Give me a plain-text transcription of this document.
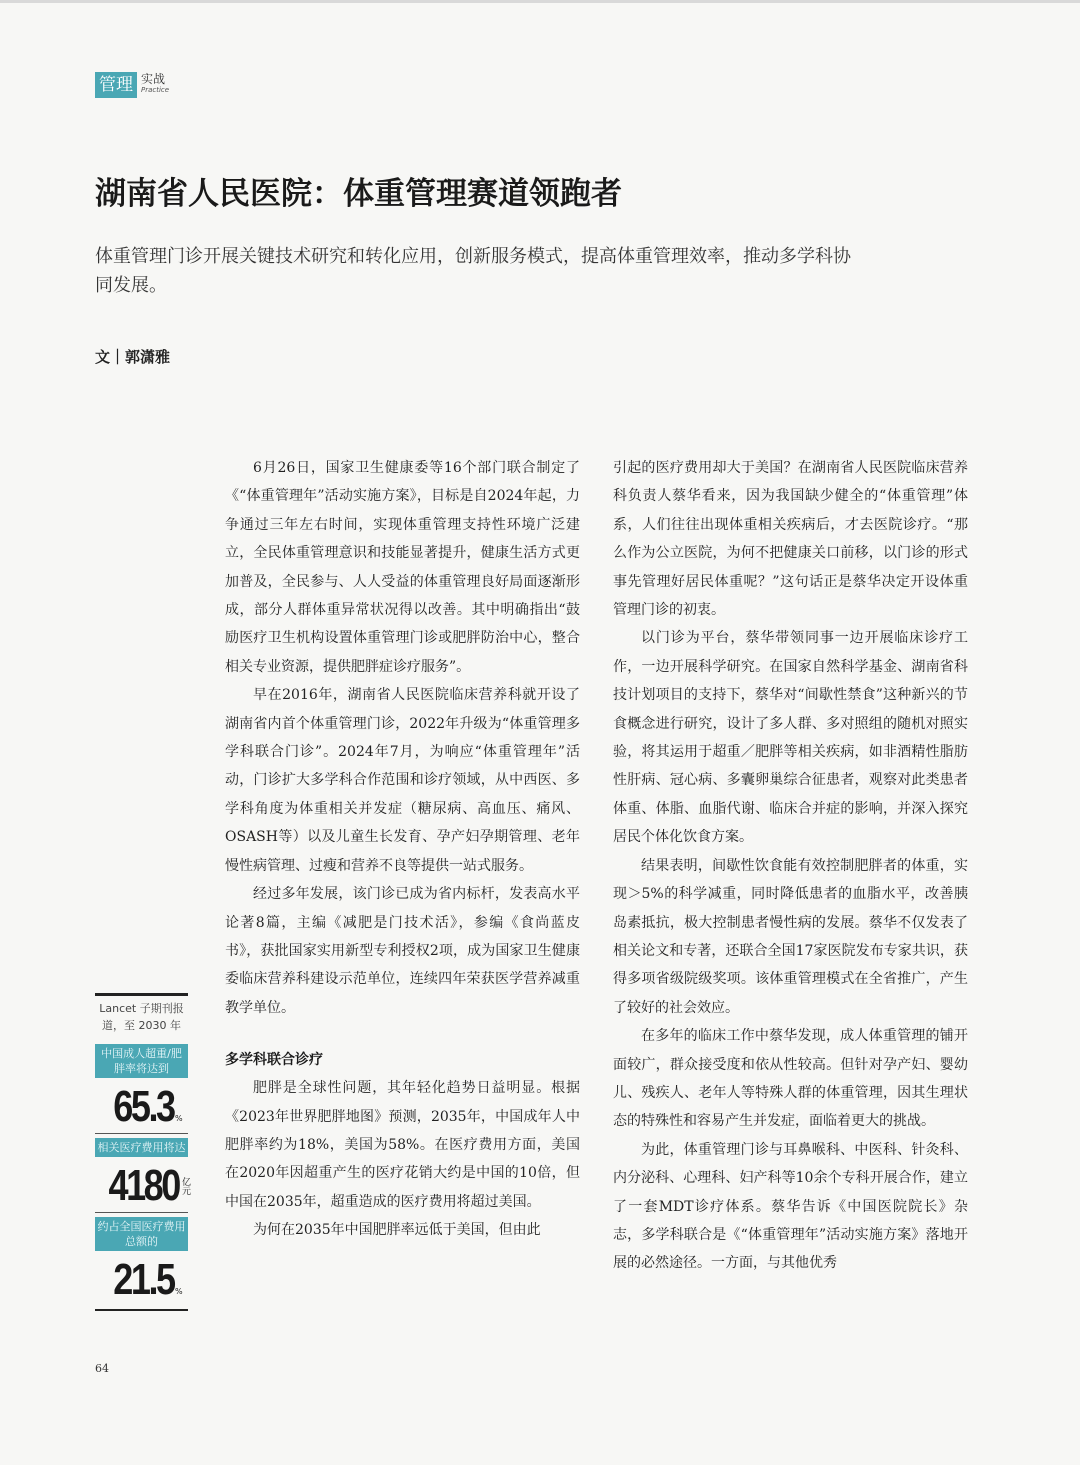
管理 实战
Practice
湖南省人民医院：体重管理赛道领跑者

体重管理门诊开展关键技术研究和转化应用，创新服务模式，提高体重管理效率，推动多学科协同发展。

文｜郭潇雅

6月26日，国家卫生健康委等16个部门联合制定了《“体重管理年”活动实施方案》，目标是自2024年起，力争通过三年左右时间，实现体重管理支持性环境广泛建立，全民体重管理意识和技能显著提升，健康生活方式更加普及，全民参与、人人受益的体重管理良好局面逐渐形成，部分人群体重异常状况得以改善。其中明确指出“鼓励医疗卫生机构设置体重管理门诊或肥胖防治中心，整合相关专业资源，提供肥胖症诊疗服务”。

早在2016年，湖南省人民医院临床营养科就开设了湖南省内首个体重管理门诊，2022年升级为“体重管理多学科联合门诊”。2024年7月，为响应“体重管理年”活动，门诊扩大多学科合作范围和诊疗领域，从中西医、多学科角度为体重相关并发症（糖尿病、高血压、痛风、OSASH等）以及儿童生长发育、孕产妇孕期管理、老年慢性病管理、过瘦和营养不良等提供一站式服务。

经过多年发展，该门诊已成为省内标杆，发表高水平论著8篇，主编《减肥是门技术活》，参编《食尚蓝皮书》，获批国家实用新型专利授权2项，成为国家卫生健康委临床营养科建设示范单位，连续四年荣获医学营养减重教学单位。

多学科联合诊疗

肥胖是全球性问题，其年轻化趋势日益明显。根据《2023年世界肥胖地图》预测，2035年，中国成年人中肥胖率约为18%，美国为58%。在医疗费用方面，美国在2020年因超重产生的医疗花销大约是中国的10倍，但中国在2035年，超重造成的医疗费用将超过美国。

为何在2035年中国肥胖率远低于美国，但由此

引起的医疗费用却大于美国？在湖南省人民医院临床营养科负责人蔡华看来，因为我国缺少健全的“体重管理”体系，人们往往出现体重相关疾病后，才去医院诊疗。“那么作为公立医院，为何不把健康关口前移，以门诊的形式事先管理好居民体重呢？”这句话正是蔡华决定开设体重管理门诊的初衷。

以门诊为平台，蔡华带领同事一边开展临床诊疗工作，一边开展科学研究。在国家自然科学基金、湖南省科技计划项目的支持下，蔡华对“间歇性禁食”这种新兴的节食概念进行研究，设计了多人群、多对照组的随机对照实验，将其运用于超重／肥胖等相关疾病，如非酒精性脂肪性肝病、冠心病、多囊卵巢综合征患者，观察对此类患者体重、体脂、血脂代谢、临床合并症的影响，并深入探究居民个体化饮食方案。

结果表明，间歇性饮食能有效控制肥胖者的体重，实现＞5%的科学减重，同时降低患者的血脂水平，改善胰岛素抵抗，极大控制患者慢性病的发展。蔡华不仅发表了相关论文和专著，还联合全国17家医院发布专家共识，获得多项省级院级奖项。该体重管理模式在全省推广，产生了较好的社会效应。

在多年的临床工作中蔡华发现，成人体重管理的铺开面较广，群众接受度和依从性较高。但针对孕产妇、婴幼儿、残疾人、老年人等特殊人群的体重管理，因其生理状态的特殊性和容易产生并发症，面临着更大的挑战。

为此，体重管理门诊与耳鼻喉科、中医科、针灸科、内分泌科、心理科、妇产科等10余个专科开展合作，建立了一套MDT诊疗体系。蔡华告诉《中国医院院长》杂志，多学科联合是《“体重管理年”活动实施方案》落地开展的必然途径。一方面，与其他优秀

Lancet 子期刊报道，至 2030 年
中国成人超重/肥胖率将达到
65.3 %
相关医疗费用将达
4180 亿元
约占全国医疗费用总额的
21.5 %
64
